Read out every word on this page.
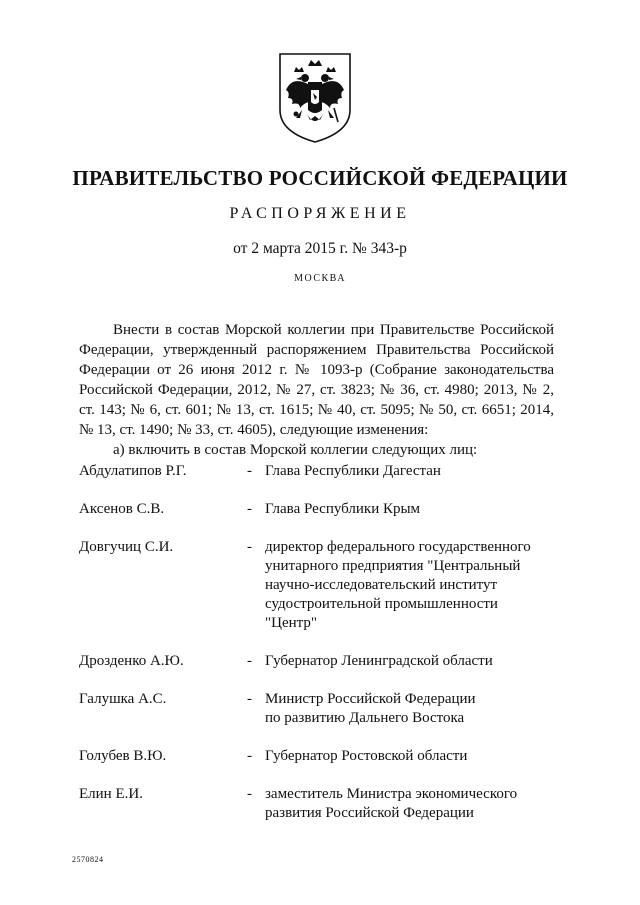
ПРАВИТЕЛЬСТВО РОССИЙСКОЙ ФЕДЕРАЦИИ
РАСПОРЯЖЕНИЕ
от 2 марта 2015 г. № 343-р
МОСКВА
Внести в состав Морской коллегии при Правительстве Российской
Федерации, утвержденный распоряжением Правительства Российской
Федерации от 26 июня 2012 г. № 1093-р (Собрание законодательства
Российской Федерации, 2012, № 27, ст. 3823; № 36, ст. 4980; 2013, № 2,
ст. 143; № 6, ст. 601; № 13, ст. 1615; № 40, ст. 5095; № 50, ст. 6651; 2014,
№ 13, ст. 1490; № 33, ст. 4605), следующие изменения:
а) включить в состав Морской коллегии следующих лиц:
Абдулатипов Р.Г.	- Глава Республики Дагестан
Аксенов С.В.	- Глава Республики Крым
Довгучиц С.И.	- директор федерального государственного
унитарного предприятия "Центральный
научно-исследовательский институт
судостроительной промышленности
"Центр"
Дрозденко А.Ю.	- Губернатор Ленинградской области
Галушка А.С.	- Министр Российской Федерации
по развитию Дальнего Востока
Голубев В.Ю.	- Губернатор Ростовской области
Елин Е.И.	- заместитель Министра экономического
развития Российской Федерации
2570824
